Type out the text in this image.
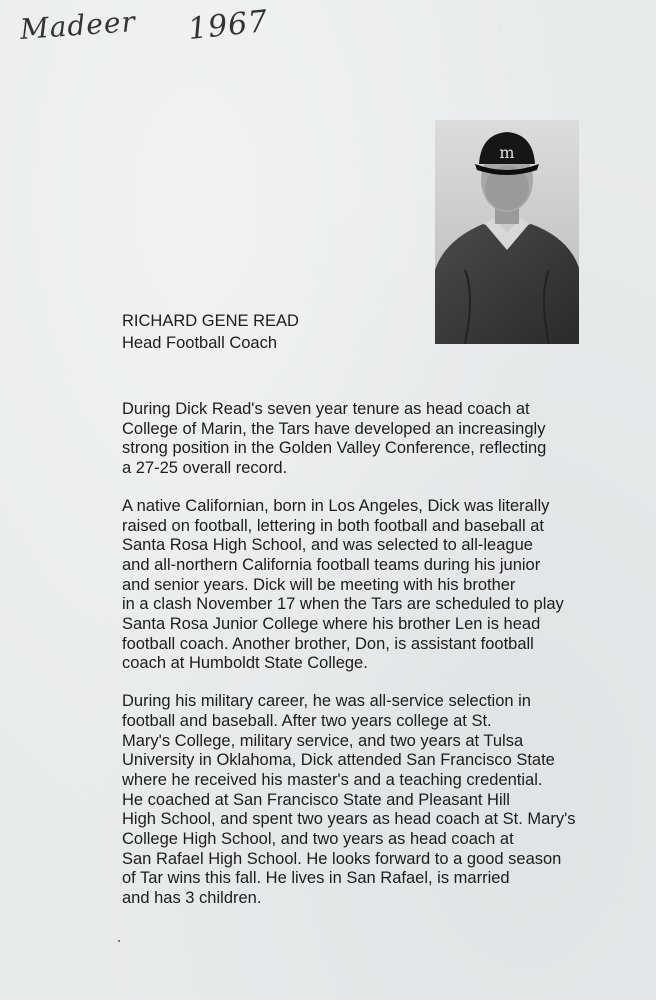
Madeer 1967
m
RICHARD GENE READ
Head Football Coach
During Dick Read's seven year tenure as head coach at
College of Marin, the Tars have developed an increasingly
strong position in the Golden Valley Conference, reflecting
a 27-25 overall record.
A native Californian, born in Los Angeles, Dick was literally
raised on football, lettering in both football and baseball at
Santa Rosa High School, and was selected to all-league
and all-northern California football teams during his junior
and senior years. Dick will be meeting with his brother
in a clash November 17 when the Tars are scheduled to play
Santa Rosa Junior College where his brother Len is head
football coach. Another brother, Don, is assistant football
coach at Humboldt State College.
During his military career, he was all-service selection in
football and baseball. After two years college at St.
Mary's College, military service, and two years at Tulsa
University in Oklahoma, Dick attended San Francisco State
where he received his master's and a teaching credential.
He coached at San Francisco State and Pleasant Hill
High School, and spent two years as head coach at St. Mary's
College High School, and two years as head coach at
San Rafael High School. He looks forward to a good season
of Tar wins this fall. He lives in San Rafael, is married
and has 3 children.
